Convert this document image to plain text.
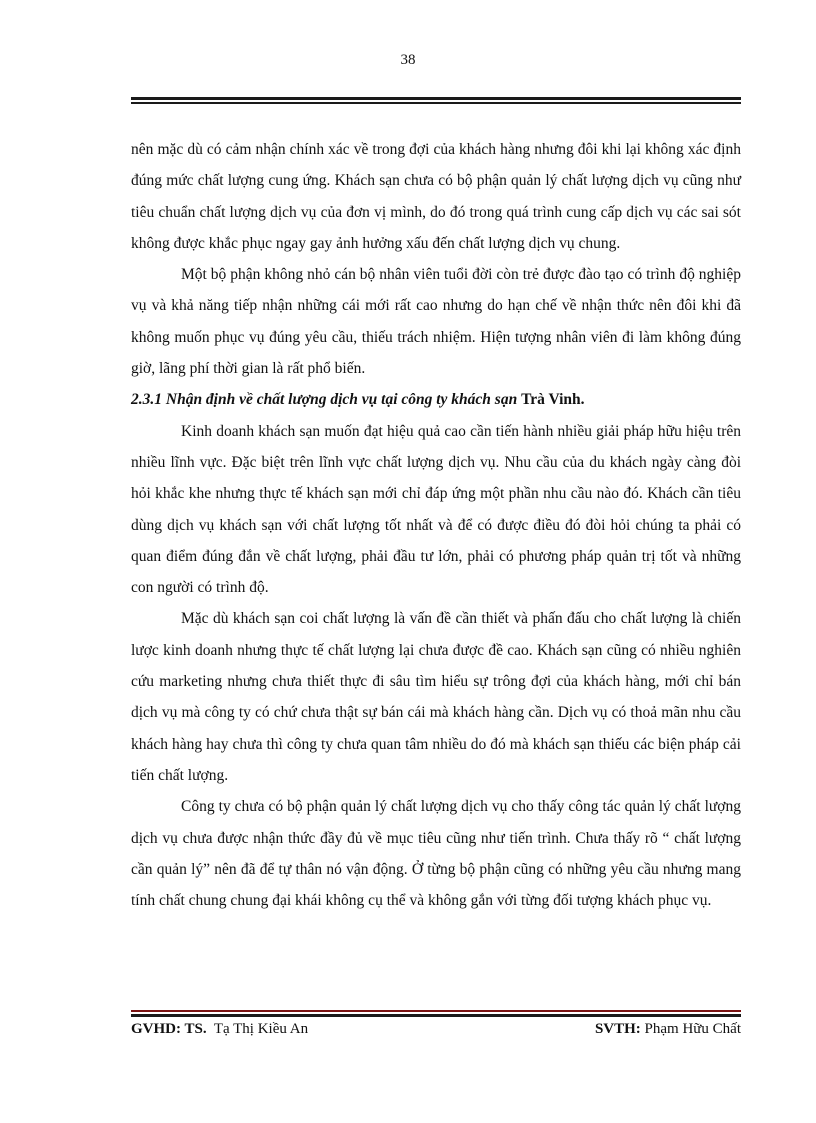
38

nên mặc dù có cảm nhận chính xác về trong đợi của khách hàng nhưng đôi khi lại không xác định đúng mức chất lượng cung ứng. Khách sạn chưa có bộ phận quản lý chất lượng dịch vụ cũng như tiêu chuẩn chất lượng dịch vụ của đơn vị mình, do đó trong quá trình cung cấp dịch vụ các sai sót không được khắc phục ngay gay ảnh hưởng xấu đến chất lượng dịch vụ chung.

Một bộ phận không nhỏ cán bộ nhân viên tuổi đời còn trẻ được đào tạo có trình độ nghiệp vụ và khả năng tiếp nhận những cái mới rất cao nhưng do hạn chế về nhận thức nên đôi khi đã không muốn phục vụ đúng yêu cầu, thiếu trách nhiệm. Hiện tượng nhân viên đi làm không đúng giờ, lãng phí thời gian là rất phổ biến.

2.3.1 Nhận định về chất lượng dịch vụ tại công ty khách sạn Trà Vinh.

Kinh doanh khách sạn muốn đạt hiệu quả cao cần tiến hành nhiều giải pháp hữu hiệu trên nhiều lĩnh vực. Đặc biệt trên lĩnh vực chất lượng dịch vụ. Nhu cầu của du khách ngày càng đòi hỏi khắc khe nhưng thực tế khách sạn mới chỉ đáp ứng một phần nhu cầu nào đó. Khách cần tiêu dùng dịch vụ khách sạn với chất lượng tốt nhất và để có được điều đó đòi hỏi chúng ta phải có quan điểm đúng đắn về chất lượng, phải đầu tư lớn, phải có phương pháp quản trị tốt và những con người có trình độ.

Mặc dù khách sạn coi chất lượng là vấn đề cần thiết và phấn đấu cho chất lượng là chiến lược kinh doanh nhưng thực tế chất lượng lại chưa được đề cao. Khách sạn cũng có nhiều nghiên cứu marketing nhưng chưa thiết thực đi sâu tìm hiểu sự trông đợi của khách hàng, mới chỉ bán dịch vụ mà công ty có chứ chưa thật sự bán cái mà khách hàng cần. Dịch vụ có thoả mãn nhu cầu khách hàng hay chưa thì công ty chưa quan tâm nhiều do đó mà khách sạn thiếu các biện pháp cải tiến chất lượng.

Công ty chưa có bộ phận quản lý chất lượng dịch vụ cho thấy công tác quản lý chất lượng dịch vụ chưa được nhận thức đầy đủ về mục tiêu cũng như tiến trình. Chưa thấy rõ “ chất lượng cần quản lý” nên đã để tự thân nó vận động. Ở từng bộ phận cũng có những yêu cầu nhưng mang tính chất chung chung đại khái không cụ thể và không gắn với từng đối tượng khách phục vụ.

GVHD: TS. Tạ Thị Kiều An	SVTH: Phạm Hữu Chất
